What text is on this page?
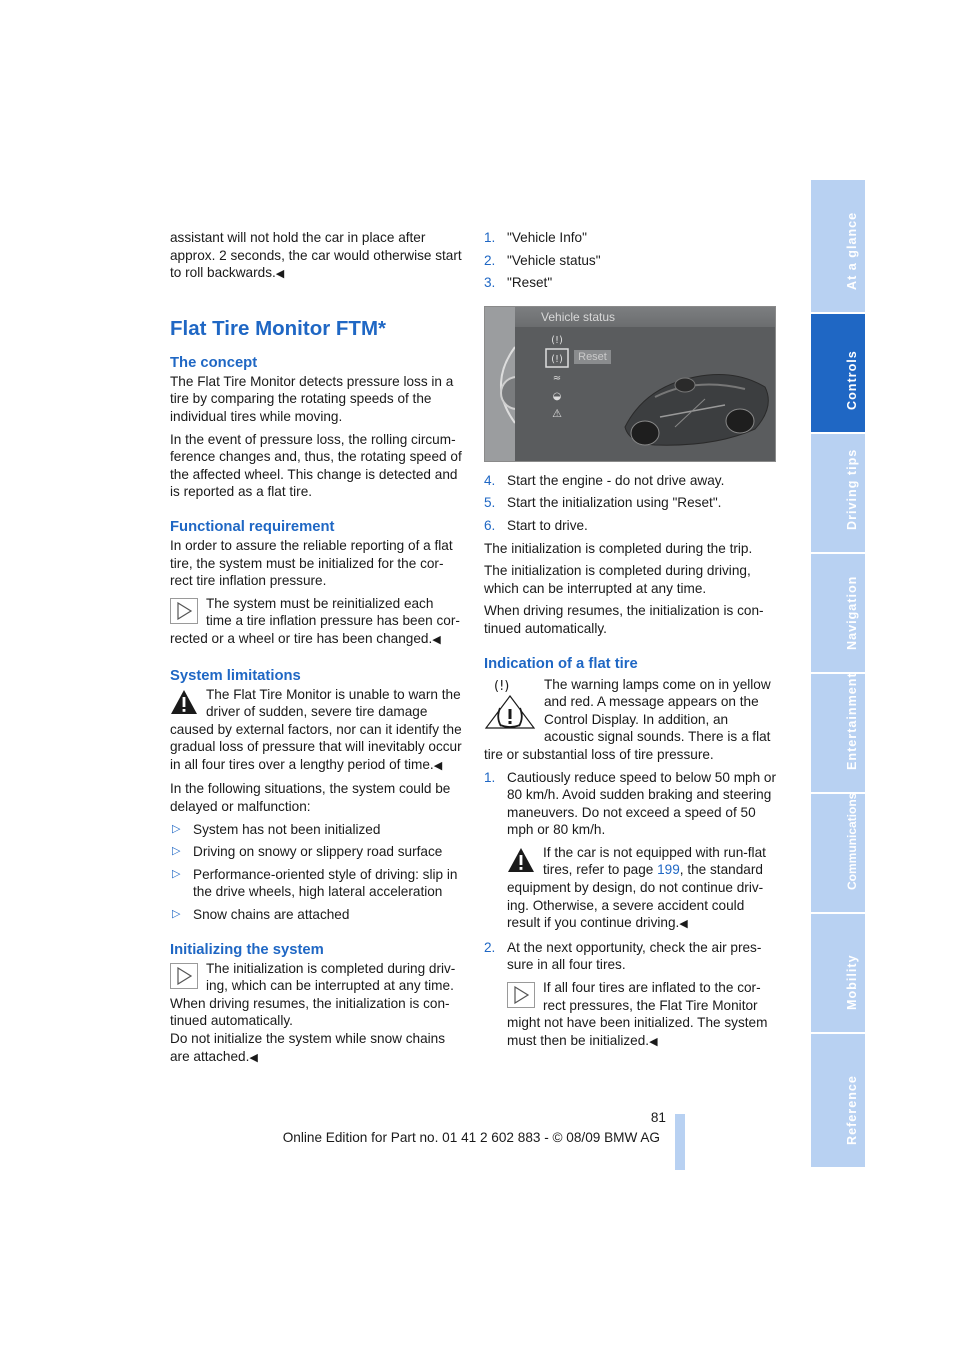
assistant will not hold the car in place after approx. 2 seconds, the car would otherwise start to roll backwards.◀

Flat Tire Monitor FTM*
The concept

The Flat Tire Monitor detects pressure loss in a tire by comparing the rotating speeds of the individual tires while moving.

In the event of pressure loss, the rolling circum-ference changes and, thus, the rotating speed of the affected wheel. This change is detected and is reported as a flat tire.

Functional requirement

In order to assure the reliable reporting of a flat tire, the system must be initialized for the cor-rect tire inflation pressure.

The system must be reinitialized each time a tire inflation pressure has been cor-rected or a wheel or tire has been changed.◀
System limitations
The Flat Tire Monitor is unable to warn the driver of sudden, severe tire damage caused by external factors, nor can it identify the gradual loss of pressure that will inevitably occur in all four tires over a lengthy period of time.◀

In the following situations, the system could be delayed or malfunction:

▷ System has not been initialized
▷ Driving on snowy or slippery road surface
▷ Performance-oriented style of driving: slip in the drive wheels, high lateral acceleration
▷ Snow chains are attached
Initializing the system
The initialization is completed during driv-ing, which can be interrupted at any time. When driving resumes, the initialization is con-tinued automatically.

Do not initialize the system while snow chains are attached.◀

1. "Vehicle Info"
2. "Vehicle status"
3. "Reset"
Vehicle status
(!)
(!)
≈
◒
⚠
Reset
4. Start the engine - do not drive away.
5. Start the initialization using "Reset".
6. Start to drive.

The initialization is completed during the trip.

The initialization is completed during driving, which can be interrupted at any time.

When driving resumes, the initialization is con-tinued automatically.

Indication of a flat tire
(!)	The warning lamps come on in yellow and red. A message appears on the Control Display. In addition, an acoustic signal sounds. There is a flat tire or substantial loss of tire pressure.
1. Cautiously reduce speed to below 50 mph or 80 km/h. Avoid sudden braking and steering maneuvers. Do not exceed a speed of 50 mph or 80 km/h.
If the car is not equipped with run-flat tires, refer to page 199, the standard equipment by design, do not continue driv-ing. Otherwise, a severe accident could result if you continue driving.◀
2. At the next opportunity, check the air pres-sure in all four tires.
If all four tires are inflated to the cor-rect pressures, the Flat Tire Monitor might not have been initialized. The system must then be initialized.◀
At a glance
Controls
Driving tips
Navigation
Entertainment
Communications
Mobility
Reference
81
Online Edition for Part no. 01 41 2 602 883 - © 08/09 BMW AG
